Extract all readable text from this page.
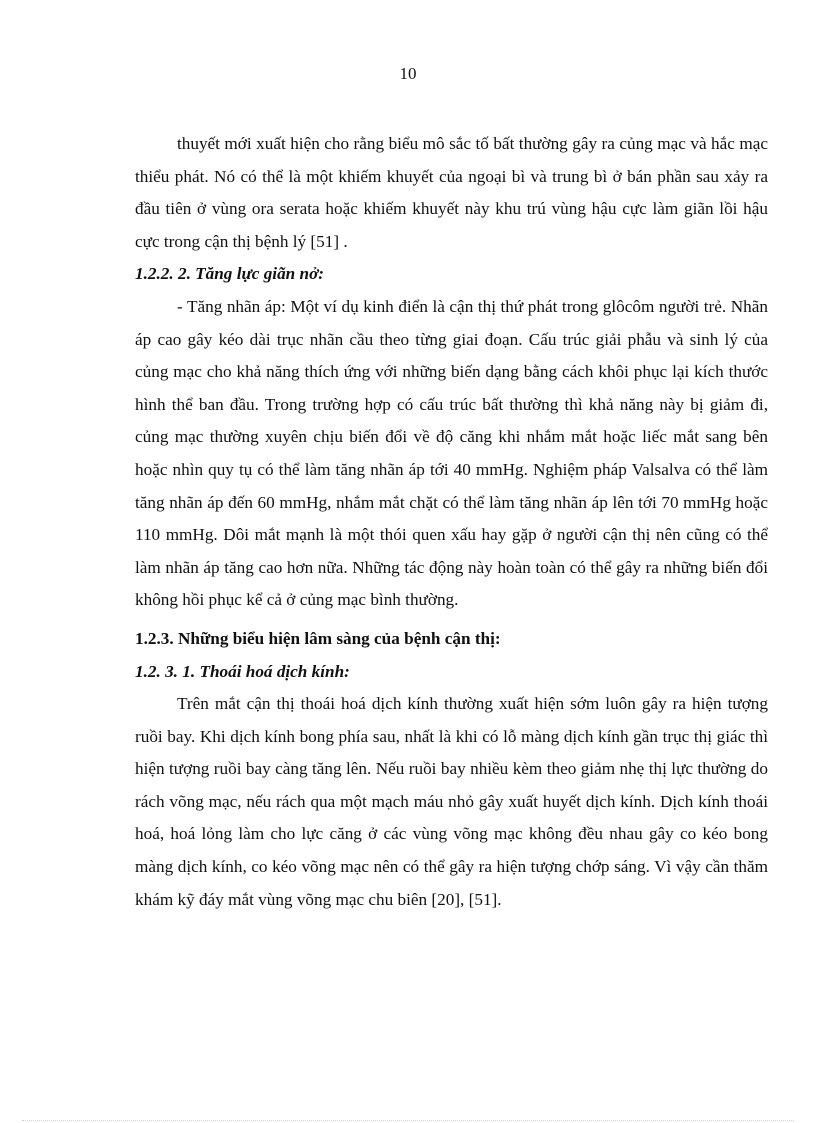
10

thuyết mới xuất hiện cho rằng biểu mô sắc tố bất thường gây ra củng mạc và hắc mạc thiểu phát. Nó có thể là một khiếm khuyết của ngoại bì và trung bì ở bán phần sau xảy ra đầu tiên ở vùng ora serata hoặc khiếm khuyết này khu trú vùng hậu cực làm giãn lồi hậu cực trong cận thị bệnh lý [51] .

1.2.2. 2. Tăng lực giãn nở:

- Tăng nhãn áp: Một ví dụ kinh điển là cận thị thứ phát trong glôcôm người trẻ. Nhãn áp cao gây kéo dài trục nhãn cầu theo từng giai đoạn. Cấu trúc giải phẫu và sinh lý của củng mạc cho khả năng thích ứng với những biến dạng bằng cách khôi phục lại kích thước hình thể ban đầu. Trong trường hợp có cấu trúc bất thường thì khả năng này bị giảm đi, củng mạc thường xuyên chịu biến đổi về độ căng khi nhắm mắt hoặc liếc mắt sang bên hoặc nhìn quy tụ có thể làm tăng nhãn áp tới 40 mmHg. Nghiệm pháp Valsalva có thể làm tăng nhãn áp đến 60 mmHg, nhắm mắt chặt có thể làm tăng nhãn áp lên tới 70 mmHg hoặc 110 mmHg. Dôi mắt mạnh là một thói quen xấu hay gặp ở người cận thị nên cũng có thể làm nhãn áp tăng cao hơn nữa. Những tác động này hoàn toàn có thể gây ra những biến đổi không hồi phục kể cả ở củng mạc bình thường.

1.2.3. Những biểu hiện lâm sàng của bệnh cận thị:

1.2. 3. 1. Thoái hoá dịch kính:

Trên mắt cận thị thoái hoá dịch kính thường xuất hiện sớm luôn gây ra hiện tượng ruồi bay. Khi dịch kính bong phía sau, nhất là khi có lỗ màng dịch kính gần trục thị giác thì hiện tượng ruồi bay càng tăng lên. Nếu ruồi bay nhiều kèm theo giảm nhẹ thị lực thường do rách võng mạc, nếu rách qua một mạch máu nhỏ gây xuất huyết dịch kính. Dịch kính thoái hoá, hoá lỏng làm cho lực căng ở các vùng võng mạc không đều nhau gây co kéo bong màng dịch kính, co kéo võng mạc nên có thể gây ra hiện tượng chớp sáng. Vì vậy cần thăm khám kỹ đáy mắt vùng võng mạc chu biên [20], [51].
